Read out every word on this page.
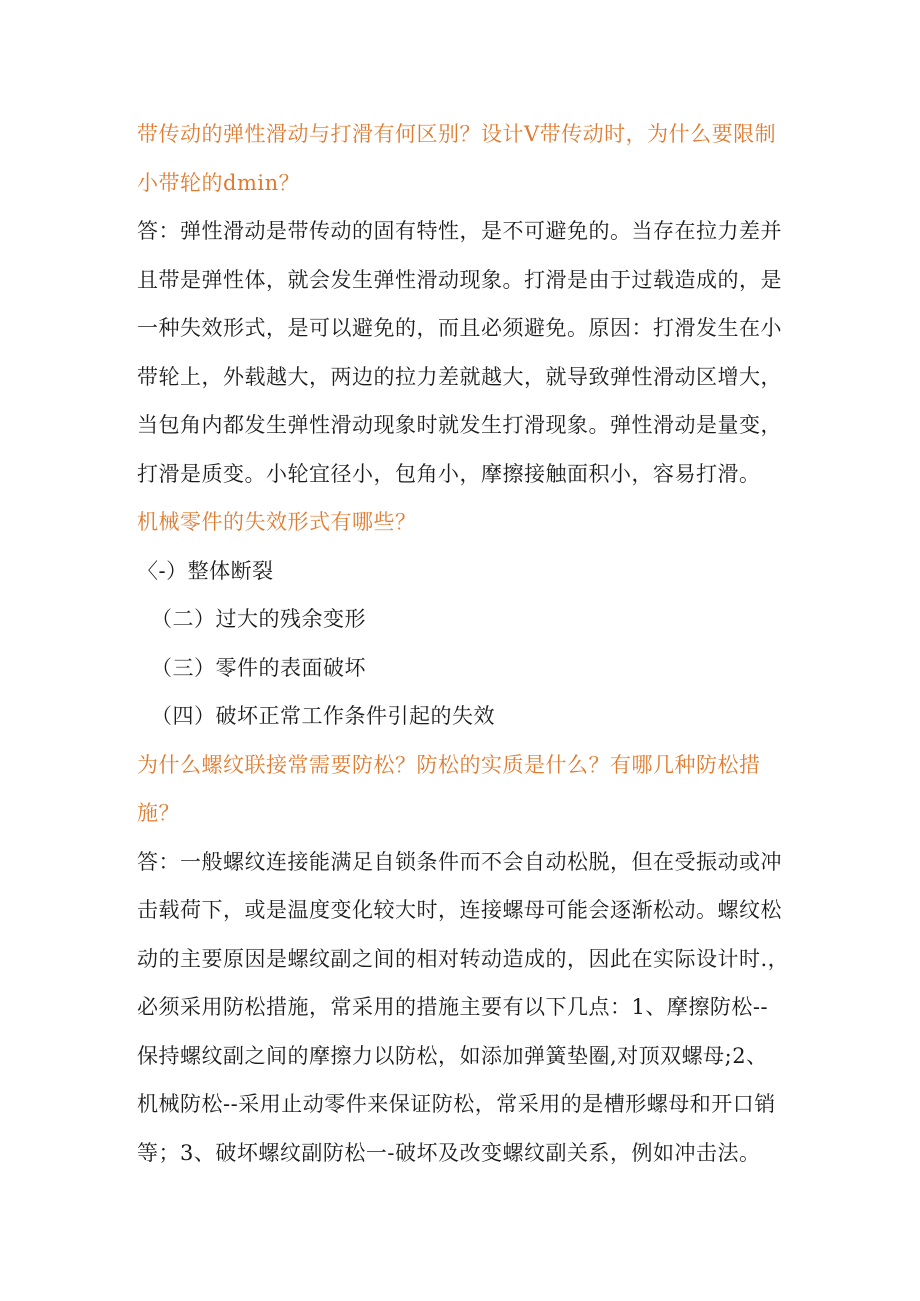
带传动的弹性滑动与打滑有何区别？设计V带传动时，为什么要限制
小带轮的dmin？
答：弹性滑动是带传动的固有特性，是不可避免的。当存在拉力差并
且带是弹性体，就会发生弹性滑动现象。打滑是由于过载造成的，是
一种失效形式，是可以避免的，而且必须避免。原因：打滑发生在小
带轮上，外载越大，两边的拉力差就越大，就导致弹性滑动区增大，
当包角内都发生弹性滑动现象时就发生打滑现象。弹性滑动是量变，
打滑是质变。小轮宜径小，包角小，摩擦接触面积小，容易打滑。
机械零件的失效形式有哪些？
〈-）整体断裂
（二）过大的残余变形
（三）零件的表面破坏
（四）破坏正常工作条件引起的失效
为什么螺纹联接常需要防松？防松的实质是什么？有哪几种防松措
施？
答：一般螺纹连接能满足自锁条件而不会自动松脱，但在受振动或冲
击载荷下，或是温度变化较大时，连接螺母可能会逐渐松动。螺纹松
动的主要原因是螺纹副之间的相对转动造成的，因此在实际设计时.，
必须采用防松措施，常采用的措施主要有以下几点：1、摩擦防松--
保持螺纹副之间的摩擦力以防松，如添加弹簧垫圈,对顶双螺母;2、
机械防松--采用止动零件来保证防松，常采用的是槽形螺母和开口销
等；3、破坏螺纹副防松一-破坏及改变螺纹副关系，例如冲击法。
